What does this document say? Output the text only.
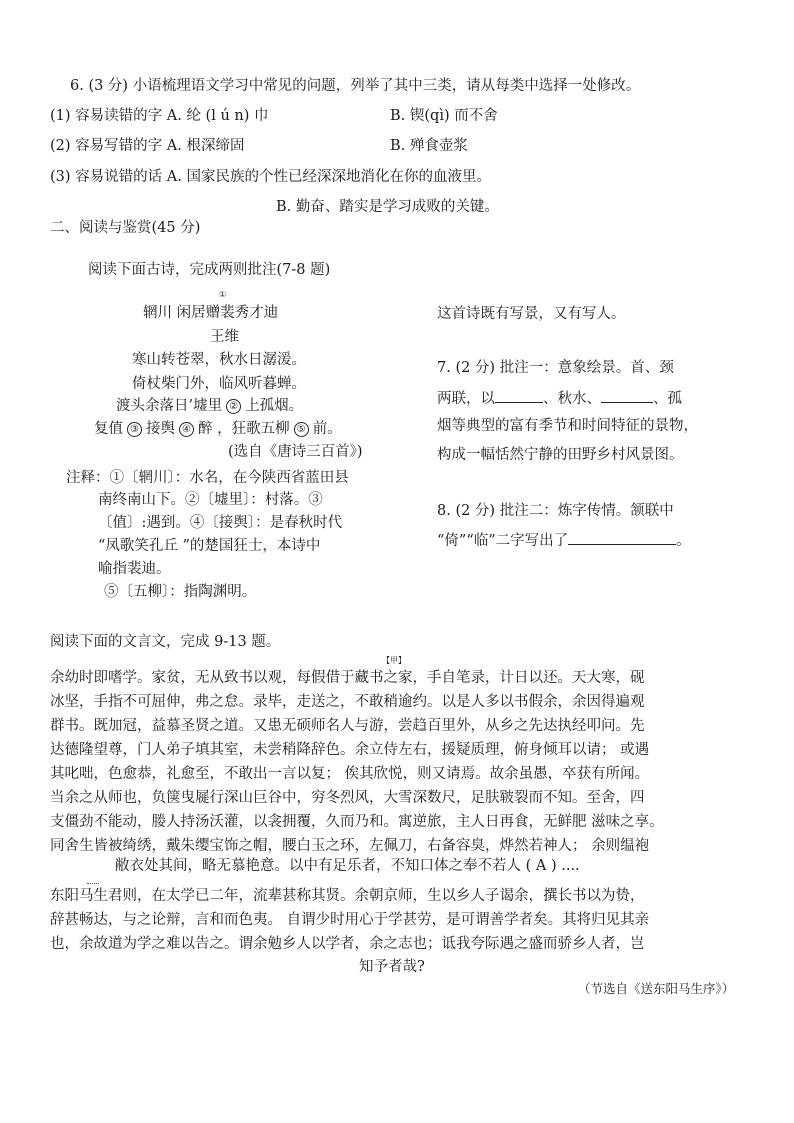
6. (3 分) 小语梳理语文学习中常见的问题，列举了其中三类，请从每类中选择一处修改。
(1) 容易读错的字 A. 纶 (l ú n) 巾	B. 锲(qì) 而不舍
(2) 容易写错的字 A. 根深缔固	B. 殚食壶浆
(3) 容易说错的话 A. 国家民族的个性已经深深地消化在你的血液里。
B. 勤奋、踏实是学习成败的关键。
二、阅读与鉴赏(45 分)
阅读下面古诗，完成两则批注(7-8 题)
①
辋川 闲居赠裴秀才迪
王维
寒山转苍翠，秋水日潺湲。
倚杖柴门外，临风听暮蝉。
渡头余落日’墟里 ② 上孤烟。
复值 ③ 接舆 ④ 醉 ，狂歌五柳 ⑤ 前。
(选自《唐诗三百首》)
注释：①〔辋川〕：水名，在今陕西省蓝田县
南终南山下。②〔墟里〕：村落。③
〔值〕:遇到。④〔接舆〕：是春秋时代
“凤歌笑孔丘 ”的楚国狂士，本诗中
喻指裴迪。
⑤〔五柳〕：指陶渊明。
这首诗既有写景，又有写人。
7. (2 分) 批注一：意象绘景。首、颈
两联，以	、秋水、	、孤
烟等典型的富有季节和时间特征的景物，
构成一幅恬然宁静的田野乡村风景图。
8. (2 分) 批注二：炼字传情。颔联中
“倚”“临”二字写出了	。
阅读下面的文言文，完成 9-13 题。
【甲】
余幼时即嗜学。家贫，无从致书以观，每假借于藏书之家，手自笔录，计日以还。天大寒，砚
冰坚，手指不可屈伸，弗之怠。录毕，走送之，不敢稍逾约。以是人多以书假余，余因得遍观
群书。既加冠，益慕圣贤之道。又患无硕师名人与游，尝趋百里外，从乡之先达执经叩问。先
达德隆望尊，门人弟子填其室，未尝稍降辞色。余立侍左右，援疑质理，俯身倾耳以请； 或遇
其叱咄，色愈恭，礼愈至，不敢出一言以复； 俟其欣悦，则又请焉。故余虽愚，卒获有所闻。
当余之从师也，负箧曳屣行深山巨谷中，穷冬烈风，大雪深数尺，足肤皲裂而不知。至舍，四
支僵劲不能动，媵人持汤沃灌，以衾拥覆，久而乃和。寓逆旅，主人日再食，无鲜肥 滋味之享。
同舍生皆被绮绣，戴朱缨宝饰之帽，腰白玉之环，左佩刀，右备容臭，烨然若神人； 余则缊袍
敝衣处其间，略无慕艳意。以中有足乐者，不知口体之奉不若人 ( A ) ....
东阳马生君则，在太学已二年，流辈甚称其贤。余朝京师，生以乡人子谒余，撰长书以为贽，
辞甚畅达，与之论辩，言和而色夷。 自谓少时用心于学甚劳，是可谓善学者矣。其将归见其亲
也，余故道为学之难以告之。谓余勉乡人以学者，余之志也；诋我夸际遇之盛而骄乡人者，岂
知予者哉?
（节选自《送东阳马生序》）
